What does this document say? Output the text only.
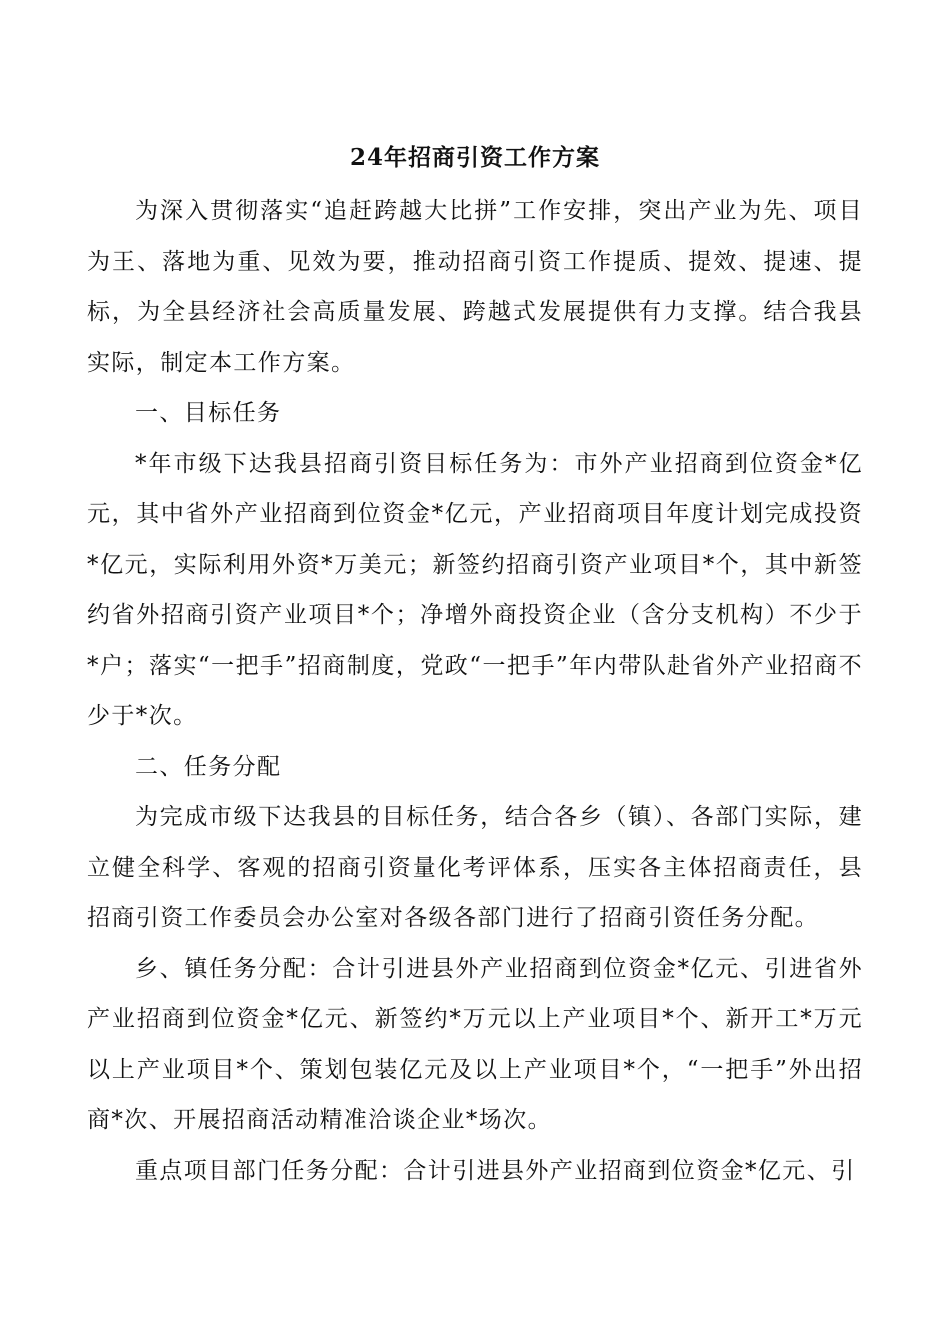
24年招商引资工作方案

为深入贯彻落实“追赶跨越大比拼”工作安排，突出产业为先、项目为王、落地为重、见效为要，推动招商引资工作提质、提效、提速、提标，为全县经济社会高质量发展、跨越式发展提供有力支撑。结合我县实际，制定本工作方案。

一、目标任务

*年市级下达我县招商引资目标任务为：市外产业招商到位资金*亿元，其中省外产业招商到位资金*亿元，产业招商项目年度计划完成投资*亿元，实际利用外资*万美元；新签约招商引资产业项目*个，其中新签约省外招商引资产业项目*个；净增外商投资企业（含分支机构）不少于*户；落实“一把手”招商制度，党政“一把手”年内带队赴省外产业招商不少于*次。

二、任务分配

为完成市级下达我县的目标任务，结合各乡（镇）、各部门实际，建立健全科学、客观的招商引资量化考评体系，压实各主体招商责任，县招商引资工作委员会办公室对各级各部门进行了招商引资任务分配。

乡、镇任务分配：合计引进县外产业招商到位资金*亿元、引进省外产业招商到位资金*亿元、新签约*万元以上产业项目*个、新开工*万元以上产业项目*个、策划包装亿元及以上产业项目*个，“一把手”外出招商*次、开展招商活动精准洽谈企业*场次。

重点项目部门任务分配：合计引进县外产业招商到位资金*亿元、引
